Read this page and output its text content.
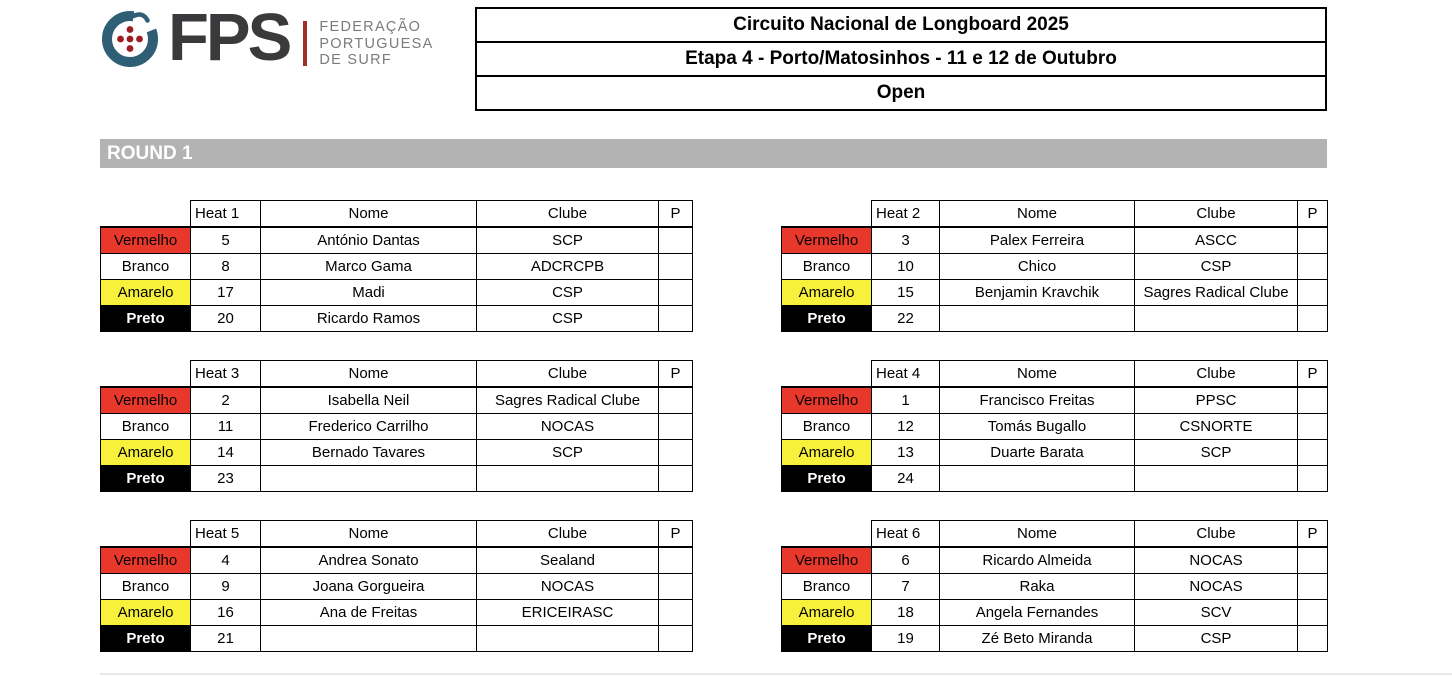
FPS FEDERAÇÃO
PORTUGUESA
DE SURF
Circuito Nacional de Longboard 2025
Etapa 4 - Porto/Matosinhos - 11 e 12 de Outubro
Open
ROUND 1
	Heat 1	Nome	Clube	P
Vermelho	5	António Dantas	SCP	
Branco	8	Marco Gama	ADCRCPB	
Amarelo	17	Madi	CSP	
Preto	20	Ricardo Ramos	CSP	
	Heat 2	Nome	Clube	P
Vermelho	3	Palex Ferreira	ASCC	
Branco	10	Chico	CSP	
Amarelo	15	Benjamin Kravchik	Sagres Radical Clube	
Preto	22			
	Heat 3	Nome	Clube	P
Vermelho	2	Isabella Neil	Sagres Radical Clube	
Branco	11	Frederico Carrilho	NOCAS	
Amarelo	14	Bernado Tavares	SCP	
Preto	23			
	Heat 4	Nome	Clube	P
Vermelho	1	Francisco Freitas	PPSC	
Branco	12	Tomás Bugallo	CSNORTE	
Amarelo	13	Duarte Barata	SCP	
Preto	24			
	Heat 5	Nome	Clube	P
Vermelho	4	Andrea Sonato	Sealand	
Branco	9	Joana Gorgueira	NOCAS	
Amarelo	16	Ana de Freitas	ERICEIRASC	
Preto	21			
	Heat 6	Nome	Clube	P
Vermelho	6	Ricardo Almeida	NOCAS	
Branco	7	Raka	NOCAS	
Amarelo	18	Angela Fernandes	SCV	
Preto	19	Zé Beto Miranda	CSP	
